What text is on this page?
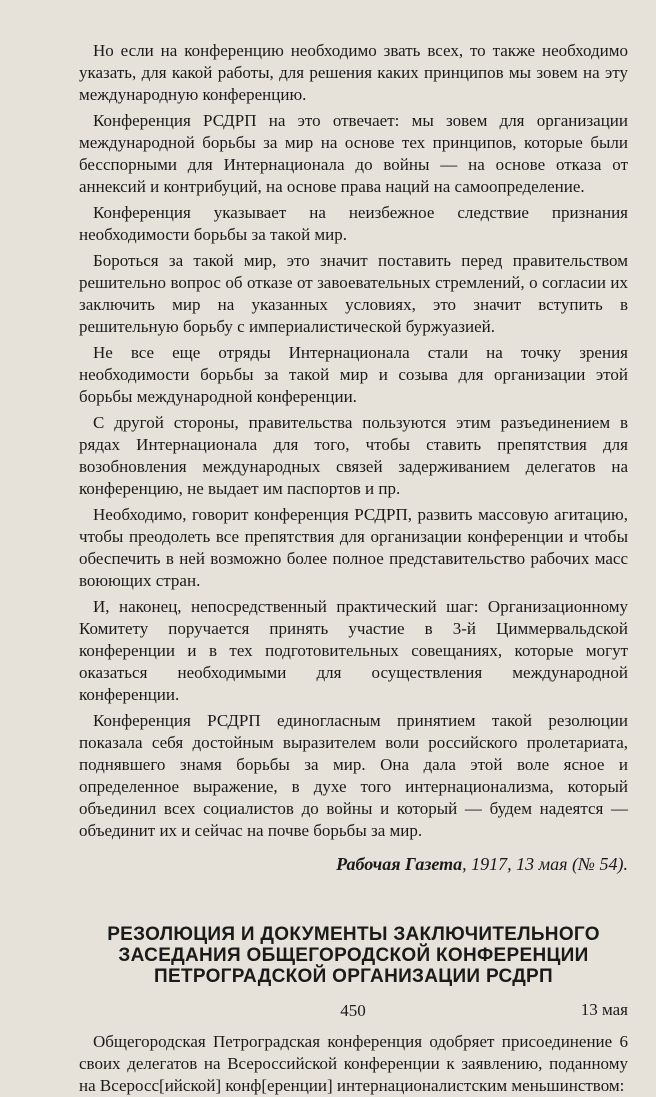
Но если на конференцию необходимо звать всех, то также необходимо указать, для какой работы, для решения каких принципов мы зовем на эту международную конференцию.

Конференция РСДРП на это отвечает: мы зовем для организации международной борьбы за мир на основе тех принципов, которые были бесспорными для Интернационала до войны — на основе отказа от аннексий и контрибуций, на основе права наций на самоопределение.

Конференция указывает на неизбежное следствие признания необходимости борьбы за такой мир.

Бороться за такой мир, это значит поставить перед правительством решительно вопрос об отказе от завоевательных стремлений, о согласии их заключить мир на указанных условиях, это значит вступить в решительную борьбу с империалистической буржуазией.

Не все еще отряды Интернационала стали на точку зрения необходимости борьбы за такой мир и созыва для организации этой борьбы международной конференции.

С другой стороны, правительства пользуются этим разъединением в рядах Интернационала для того, чтобы ставить препятствия для возобновления международных связей задерживанием делегатов на конференцию, не выдает им паспортов и пр.

Необходимо, говорит конференция РСДРП, развить массовую агитацию, чтобы преодолеть все препятствия для организации конференции и чтобы обеспечить в ней возможно более полное представительство рабочих масс воюющих стран.

И, наконец, непосредственный практический шаг: Организационному Комитету поручается принять участие в 3-й Циммервальдской конференции и в тех подготовительных совещаниях, которые могут оказаться необходимыми для осуществления международной конференции.

Конференция РСДРП единогласным принятием такой резолюции показала себя достойным выразителем воли российского пролетариата, поднявшего знамя борьбы за мир. Она дала этой воле ясное и определенное выражение, в духе того интернационализма, который объединил всех социалистов до войны и который — будем надеятся — объединит их и сейчас на почве борьбы за мир.

Рабочая Газета, 1917, 13 мая (№ 54).

РЕЗОЛЮЦИЯ И ДОКУМЕНТЫ ЗАКЛЮЧИТЕЛЬНОГО ЗАСЕДАНИЯ ОБЩЕГОРОДСКОЙ КОНФЕРЕНЦИИ ПЕТРОГРАДСКОЙ ОРГАНИЗАЦИИ РСДРП

13 мая

Общегородская Петроградская конференция одобряет присоединение 6 своих делегатов на Всероссийской конференции к заявлению, поданному на Всеросс[ийской] конф[еренции] интернационалистским меньшинством:

450
